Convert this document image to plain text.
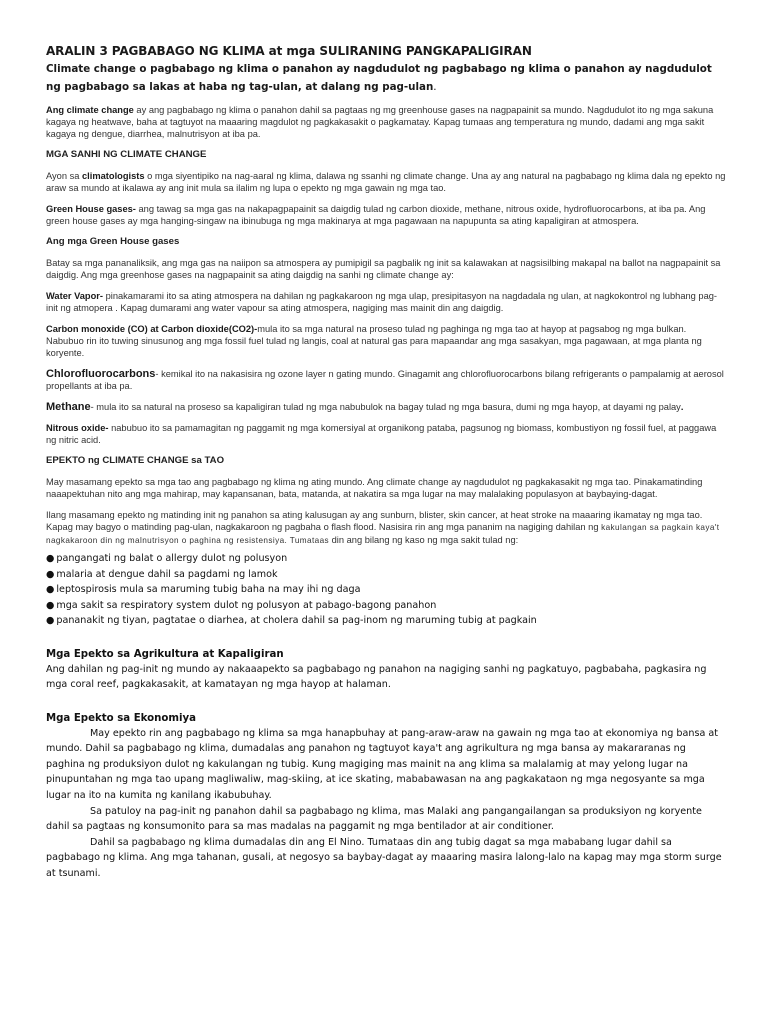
ARALIN 3 PAGBABAGO NG KLIMA at mga SULIRANING PANGKAPALIGIRAN

Climate change o pagbabago ng klima o panahon ay nagdudulot ng pagbabago ng klima o panahon ay nagdudulot ng pagbabago sa lakas at haba ng tag-ulan, at dalang ng pag-ulan.

Ang climate change ay ang pagbabago ng klima o panahon dahil sa pagtaas ng mg greenhouse gases na nagpapainit sa mundo. Nagdudulot ito ng mga sakuna kagaya ng heatwave, baha at tagtuyot na maaaring magdulot ng pagkakasakit o pagkamatay. Kapag tumaas ang temperatura ng mundo, dadami ang mga sakit kagaya ng dengue, diarrhea, malnutrisyon at iba pa.

MGA SANHI NG CLIMATE CHANGE

Ayon sa climatologists o mga siyentipiko na nag-aaral ng klima, dalawa ng ssanhi ng climate change. Una ay ang natural na pagbabago ng klima dala ng epekto ng araw sa mundo at ikalawa ay ang init mula sa ilalim ng lupa o epekto ng mga gawain ng mga tao.

Green House gases- ang tawag sa mga gas na nakapagpapainit sa daigdig tulad ng carbon dioxide, methane, nitrous oxide, hydrofluorocarbons, at iba pa. Ang green house gases ay mga hanging-singaw na ibinubuga ng mga makinarya at mga pagawaan na napupunta sa ating kapaligiran at atmospera.

Ang mga Green House gases

Batay sa mga pananaliksik, ang mga gas na naiipon sa atmospera ay pumipigil sa pagbalik ng init sa kalawakan at nagsisilbing makapal na ballot na nagpapainit sa daigdig. Ang mga greenhose gases na nagpapainit sa ating daigdig na sanhi ng climate change ay:

Water Vapor- pinakamarami ito sa ating atmospera na dahilan ng pagkakaroon ng mga ulap, presipitasyon na nagdadala ng ulan, at nagkokontrol ng lubhang pag-init ng atmopera . Kapag dumarami ang water vapour sa ating atmospera, nagiging mas mainit din ang daigdig.

Carbon monoxide (CO) at Carbon dioxide(CO2)-mula ito sa mga natural na proseso tulad ng paghinga ng mga tao at hayop at pagsabog ng mga bulkan. Nabubuo rin ito tuwing sinusunog ang mga fossil fuel tulad ng langis, coal at natural gas para mapaandar ang mga sasakyan, mga pagawaan, at mga planta ng koryente.

Chlorofluorocarbons- kemikal ito na nakasisira ng ozone layer n gating mundo. Ginagamit ang chlorofluorocarbons bilang refrigerants o pampalamig at aerosol propellants at iba pa.

Methane- mula ito sa natural na proseso sa kapaligiran tulad ng mga nabubulok na bagay tulad ng mga basura, dumi ng mga hayop, at dayami ng palay.

Nitrous oxide- nabubuo ito sa pamamagitan ng paggamit ng mga komersiyal at organikong pataba, pagsunog ng biomass, kombustiyon ng fossil fuel, at paggawa ng nitric acid.

EPEKTO ng CLIMATE CHANGE sa TAO

May masamang epekto sa mga tao ang pagbabago ng klima ng ating mundo. Ang climate change ay nagdudulot ng pagkakasakit ng mga tao. Pinakamatinding naaapektuhan nito ang mga mahirap, may kapansanan, bata, matanda, at nakatira sa mga lugar na may malalaking populasyon at baybaying-dagat.

Ilang masamang epekto ng matinding init ng panahon sa ating kalusugan ay ang sunburn, blister, skin cancer, at heat stroke na maaaring ikamatay ng mga tao. Kapag may bagyo o matinding pag-ulan, nagkakaroon ng pagbaha o flash flood. Nasisira rin ang mga pananim na nagiging dahilan ng kakulangan sa pagkain kaya't nagkakaroon din ng malnutrisyon o paghina ng resistensiya. Tumataas din ang bilang ng kaso ng mga sakit tulad ng:

● pangangati ng balat o allergy dulot ng polusyon
● malaria at dengue dahil sa pagdami ng lamok
● leptospirosis mula sa maruming tubig baha na may ihi ng daga
● mga sakit sa respiratory system dulot ng polusyon at pabago-bagong panahon
● pananakit ng tiyan, pagtatae o diarhea, at cholera dahil sa pag-inom ng maruming tubig at pagkain
Mga Epekto sa Agrikultura at Kapaligiran

Ang dahilan ng pag-init ng mundo ay nakaaapekto sa pagbabago ng panahon na nagiging sanhi ng pagkatuyo, pagbabaha, pagkasira ng mga coral reef, pagkakasakit, at kamatayan ng mga hayop at halaman.

Mga Epekto sa Ekonomiya

May epekto rin ang pagbabago ng klima sa mga hanapbuhay at pang-araw-araw na gawain ng mga tao at ekonomiya ng bansa at mundo. Dahil sa pagbabago ng klima, dumadalas ang panahon ng tagtuyot kaya't ang agrikultura ng mga bansa ay makararanas ng paghina ng produksiyon dulot ng kakulangan ng tubig. Kung magiging mas mainit na ang klima sa malalamig at may yelong lugar na pinupuntahan ng mga tao upang magliwaliw, mag-skiing, at ice skating, mababawasan na ang pagkakataon ng mga negosyante sa mga lugar na ito na kumita ng kanilang ikabubuhay.

Sa patuloy na pag-init ng panahon dahil sa pagbabago ng klima, mas Malaki ang pangangailangan sa produksiyon ng koryente dahil sa pagtaas ng konsumonito para sa mas madalas na paggamit ng mga bentilador at air conditioner.

Dahil sa pagbabago ng klima dumadalas din ang El Nino. Tumataas din ang tubig dagat sa mga mababang lugar dahil sa pagbabago ng klima. Ang mga tahanan, gusali, at negosyo sa baybay-dagat ay maaaring masira lalong-lalo na kapag may mga storm surge at tsunami.
